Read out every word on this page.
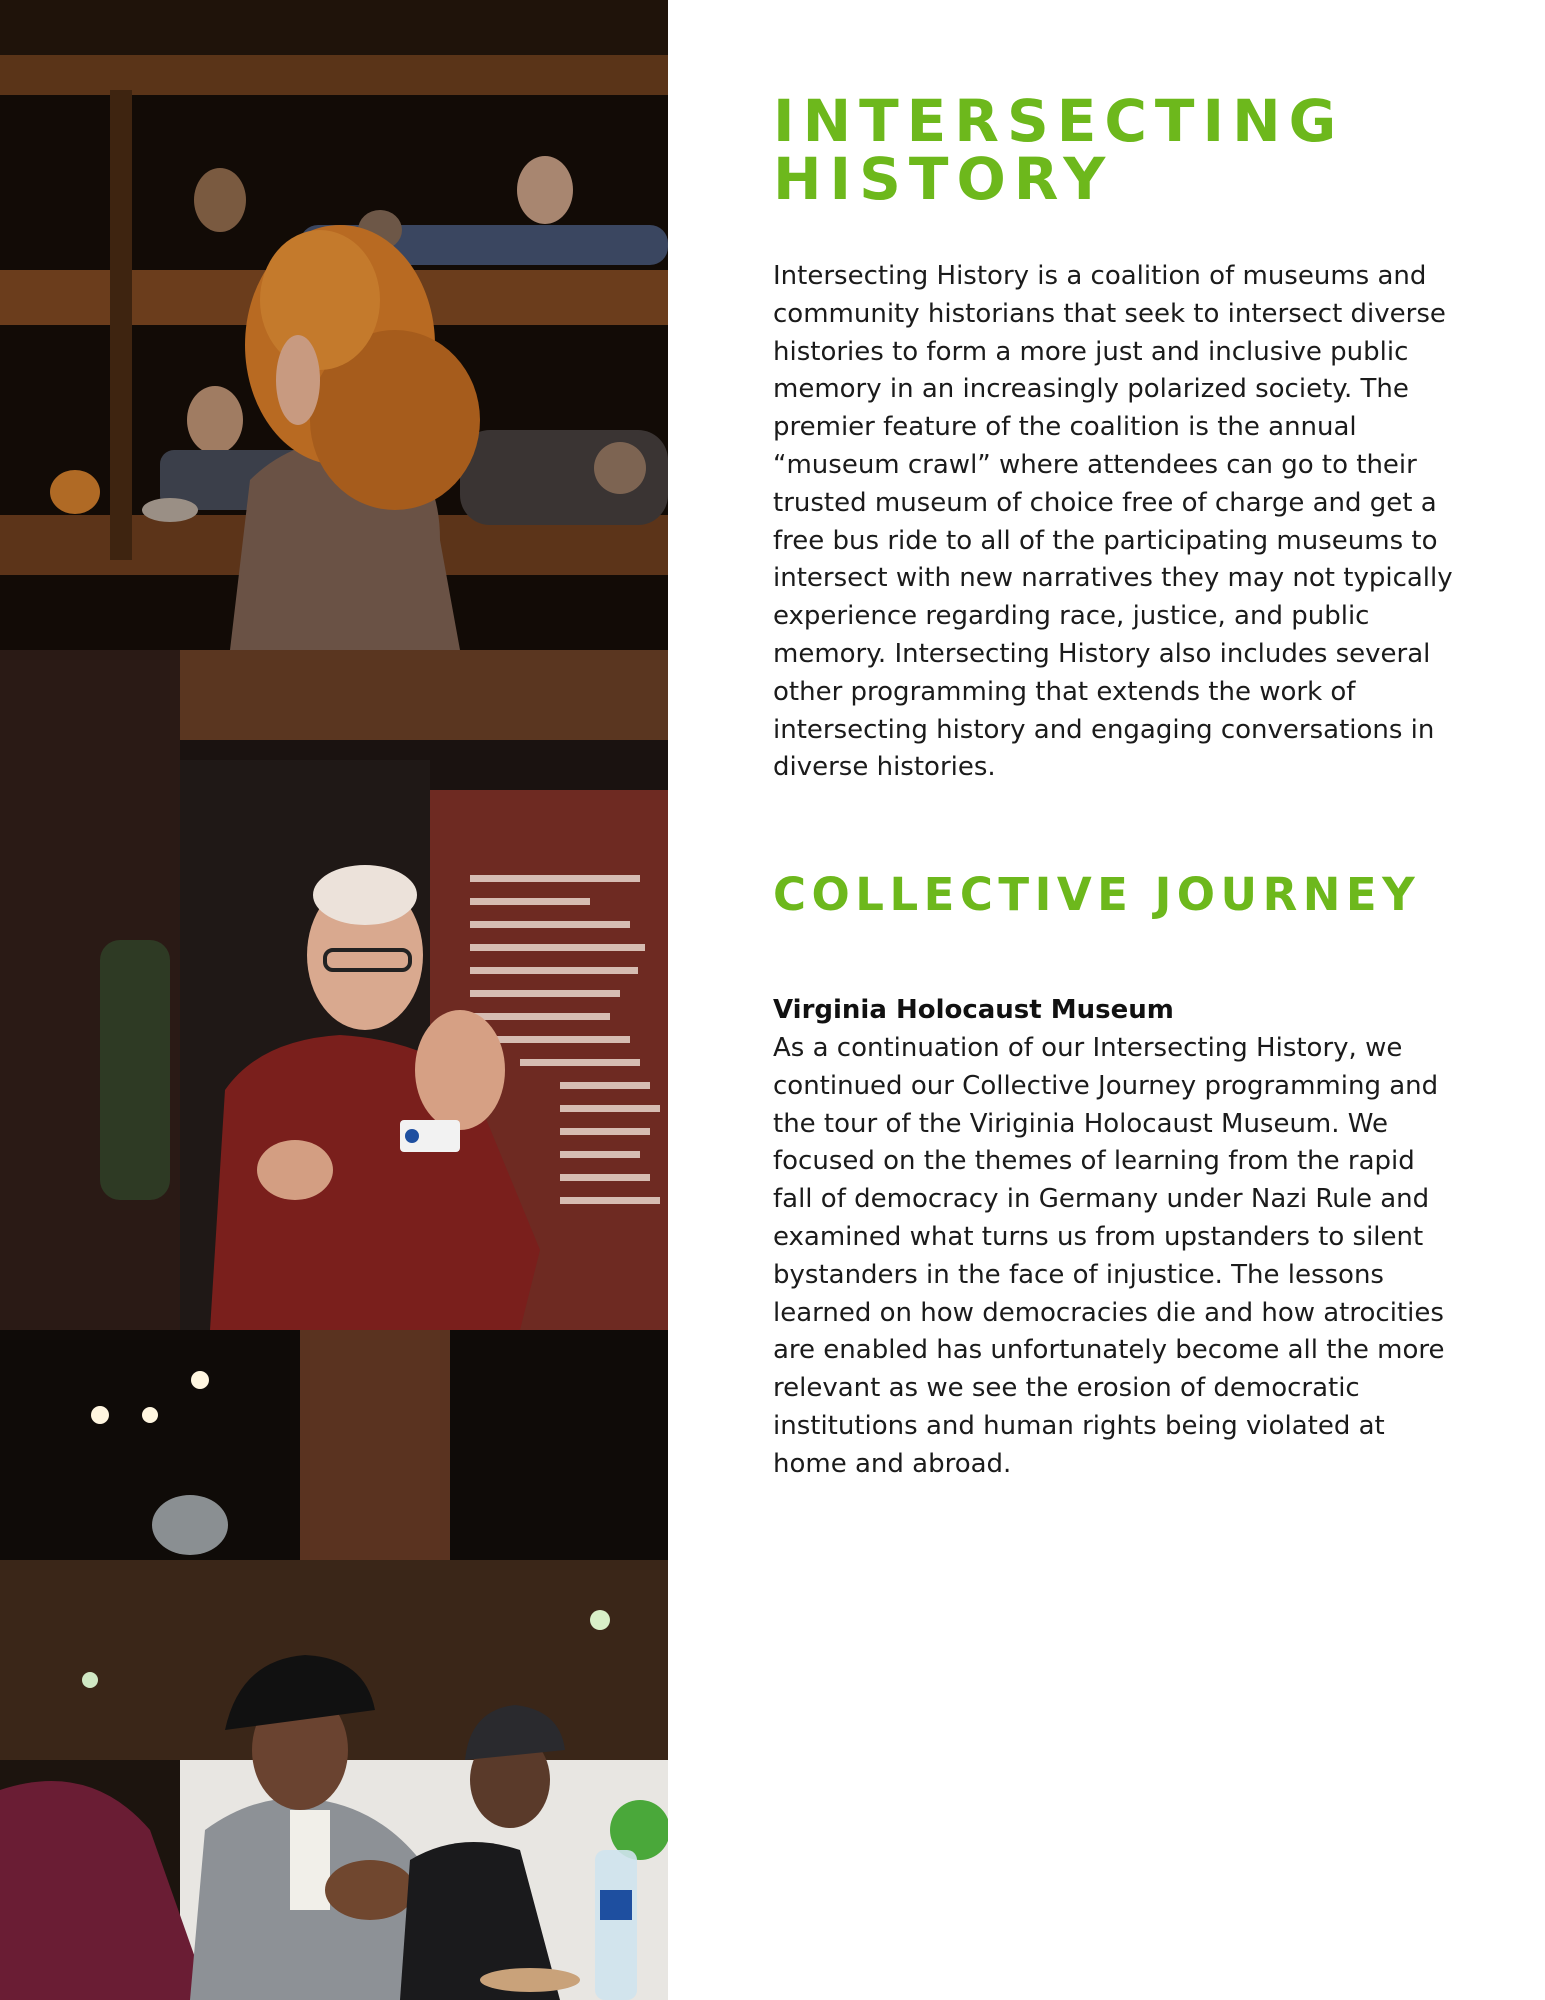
INTERSECTING HISTORY

Intersecting History is a coalition of museums and community historians that seek to intersect diverse histories to form a more just and inclusive public memory in an increasingly polarized society. The premier feature of the coalition is the annual “museum crawl” where attendees can go to their trusted museum of choice free of charge and get a free bus ride to all of the participating museums to intersect with new narratives they may not typically experience regarding race, justice, and public memory. Intersecting History also includes several other programming that extends the work of intersecting history and engaging conversations in diverse histories.

COLLECTIVE JOURNEY

Virginia Holocaust Museum

As a continuation of our Intersecting History, we continued our Collective Journey programming and the tour of the Viriginia Holocaust Museum. We focused on the themes of learning from the rapid fall of democracy in Germany under Nazi Rule and examined what turns us from upstanders to silent bystanders in the face of injustice. The lessons learned on how democracies die and how atrocities are enabled has unfortunately become all the more relevant as we see the erosion of democratic institutions and human rights being violated at home and abroad.
